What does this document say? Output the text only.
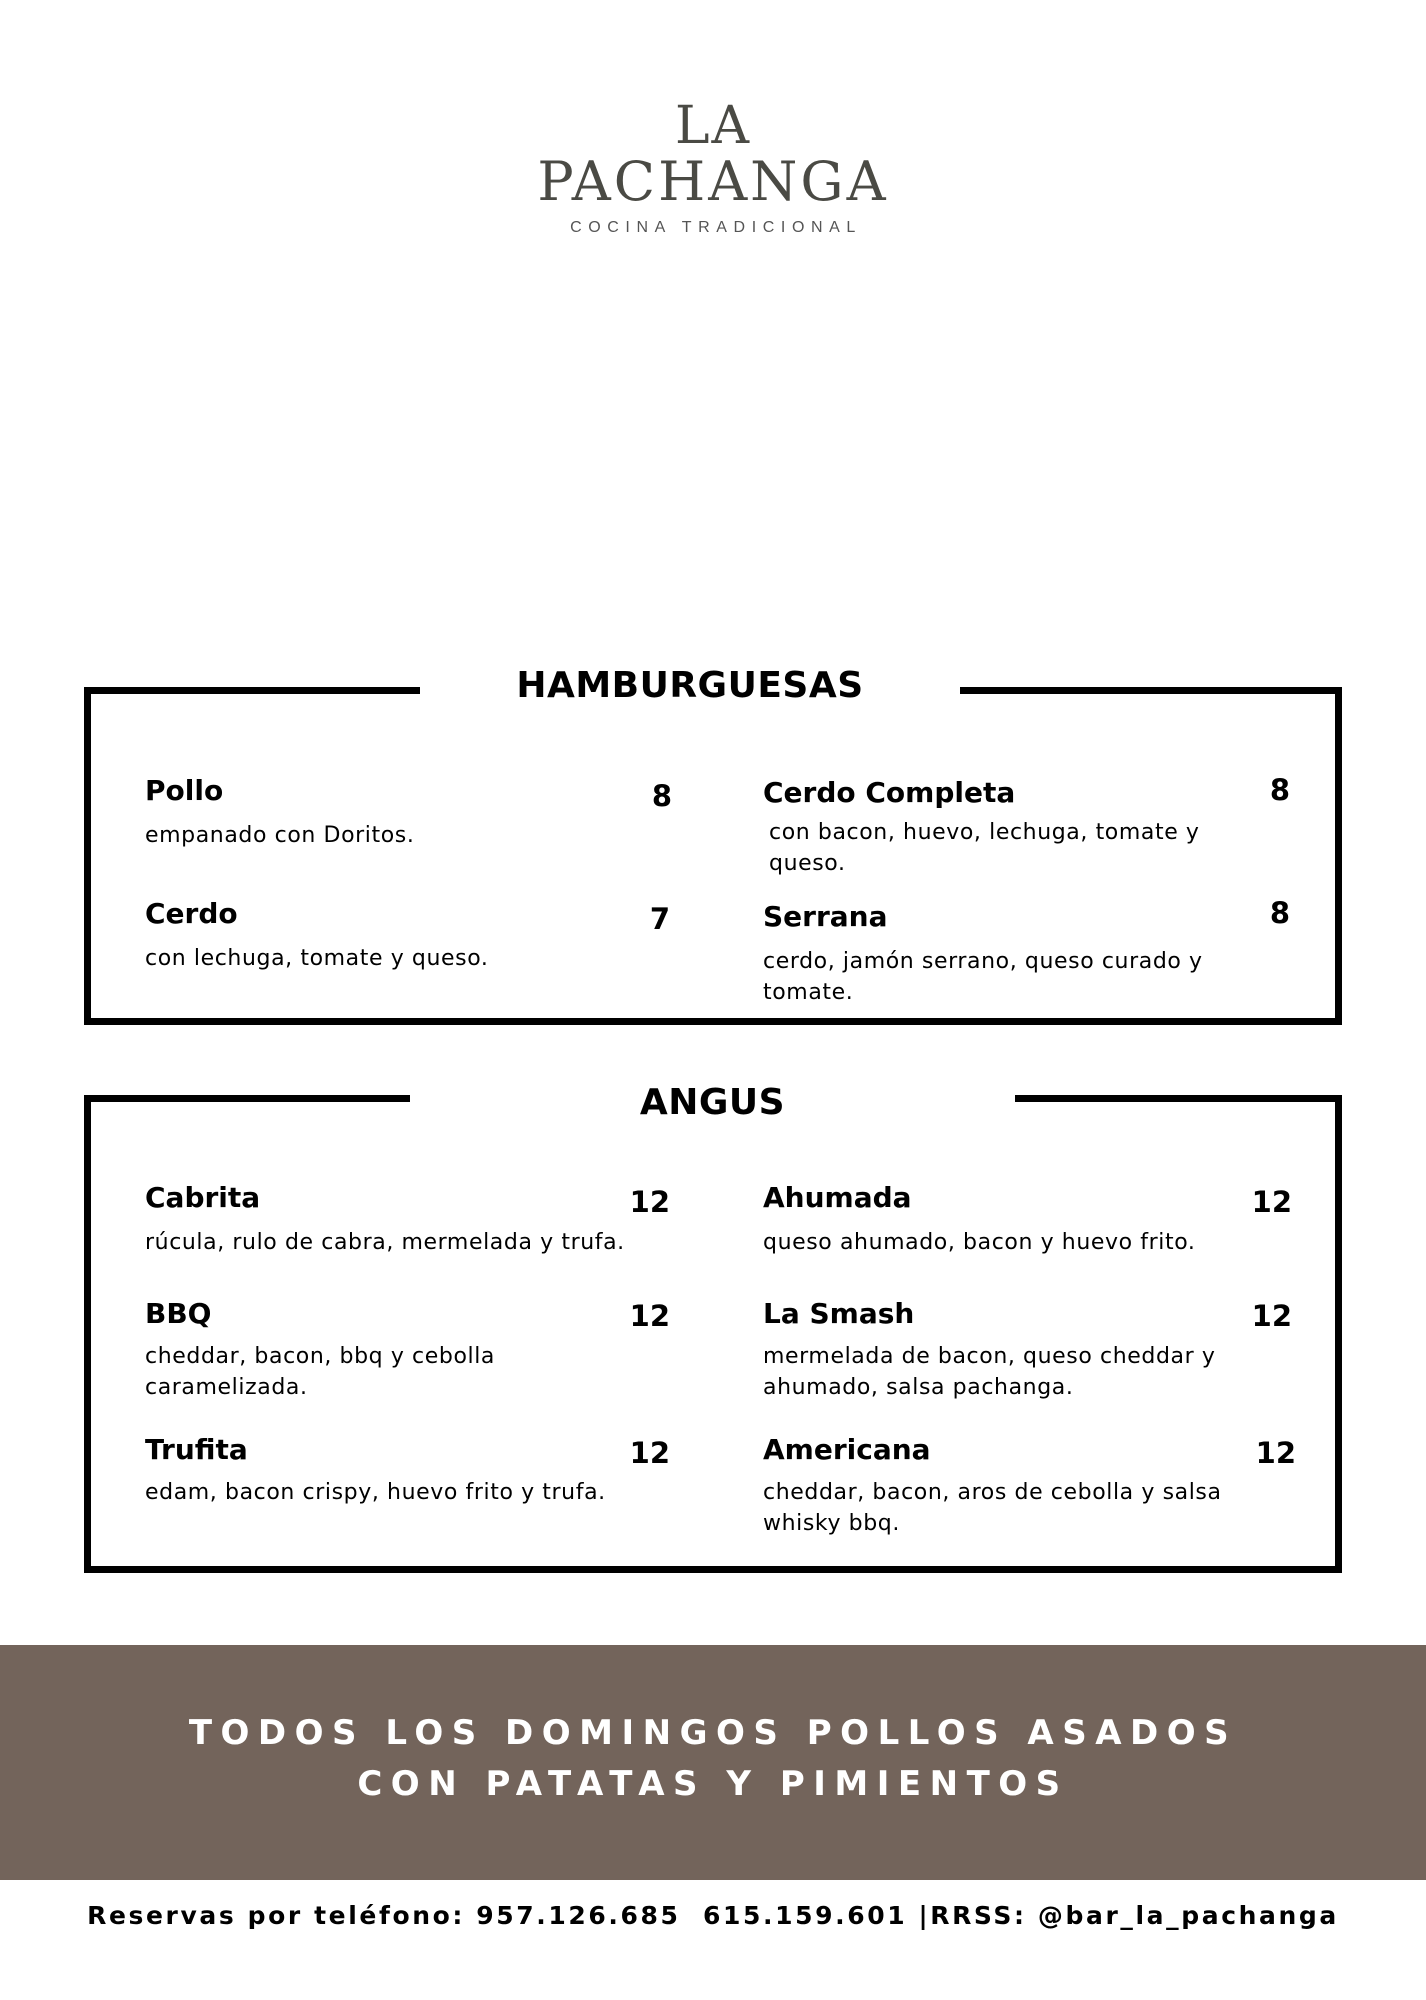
LA
PACHANGA
COCINA TRADICIONAL
HAMBURGUESAS
Pollo	8
empanado con Doritos.
Cerdo Completa	8
con bacon, huevo, lechuga, tomate y queso.
Cerdo	7
con lechuga, tomate y queso.
Serrana	8
cerdo, jamón serrano, queso curado y tomate.
ANGUS
Cabrita	12
rúcula, rulo de cabra, mermelada y trufa.
Ahumada	12
queso ahumado, bacon y huevo frito.
BBQ	12
cheddar, bacon, bbq y cebolla caramelizada.
La Smash	12
mermelada de bacon, queso cheddar y ahumado, salsa pachanga.
Trufita	12
edam, bacon crispy, huevo frito y trufa.
Americana	12
cheddar, bacon, aros de cebolla y salsa whisky bbq.
TODOS LOS DOMINGOS POLLOS ASADOS
CON PATATAS Y PIMIENTOS
Reservas por teléfono: 957.126.685  615.159.601 |RRSS: @bar_la_pachanga
